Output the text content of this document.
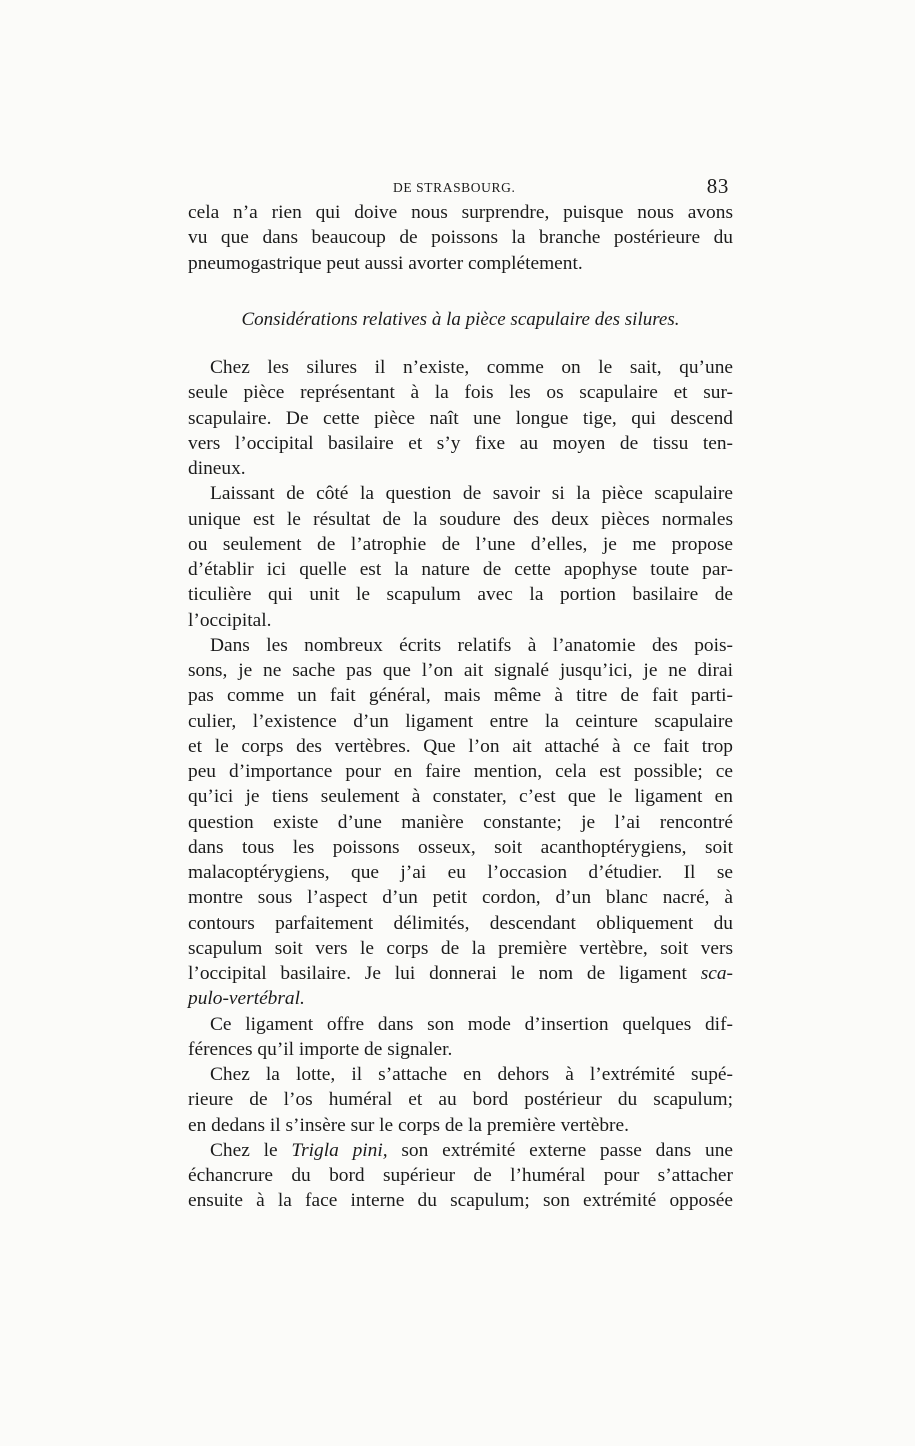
DE STRASBOURG.	83
cela n’a rien qui doive nous surprendre, puisque nous avons
vu que dans beaucoup de poissons la branche postérieure du
pneumogastrique peut aussi avorter complétement.
Considérations relatives à la pièce scapulaire des silures.
Chez les silures il n’existe, comme on le sait, qu’une
seule pièce représentant à la fois les os scapulaire et sur-
scapulaire. De cette pièce naît une longue tige, qui descend
vers l’occipital basilaire et s’y fixe au moyen de tissu ten-
dineux.
Laissant de côté la question de savoir si la pièce scapulaire
unique est le résultat de la soudure des deux pièces normales
ou seulement de l’atrophie de l’une d’elles, je me propose
d’établir ici quelle est la nature de cette apophyse toute par-
ticulière qui unit le scapulum avec la portion basilaire de
l’occipital.
Dans les nombreux écrits relatifs à l’anatomie des pois-
sons, je ne sache pas que l’on ait signalé jusqu’ici, je ne dirai
pas comme un fait général, mais même à titre de fait parti-
culier, l’existence d’un ligament entre la ceinture scapulaire
et le corps des vertèbres. Que l’on ait attaché à ce fait trop
peu d’importance pour en faire mention, cela est possible; ce
qu’ici je tiens seulement à constater, c’est que le ligament en
question existe d’une manière constante; je l’ai rencontré
dans tous les poissons osseux, soit acanthoptérygiens, soit
malacoptérygiens, que j’ai eu l’occasion d’étudier. Il se
montre sous l’aspect d’un petit cordon, d’un blanc nacré, à
contours parfaitement délimités, descendant obliquement du
scapulum soit vers le corps de la première vertèbre, soit vers
l’occipital basilaire. Je lui donnerai le nom de ligament sca-
pulo-vertébral.
Ce ligament offre dans son mode d’insertion quelques dif-
férences qu’il importe de signaler.
Chez la lotte, il s’attache en dehors à l’extrémité supé-
rieure de l’os huméral et au bord postérieur du scapulum;
en dedans il s’insère sur le corps de la première vertèbre.
Chez le Trigla pini, son extrémité externe passe dans une
échancrure du bord supérieur de l’huméral pour s’attacher
ensuite à la face interne du scapulum; son extrémité opposée
